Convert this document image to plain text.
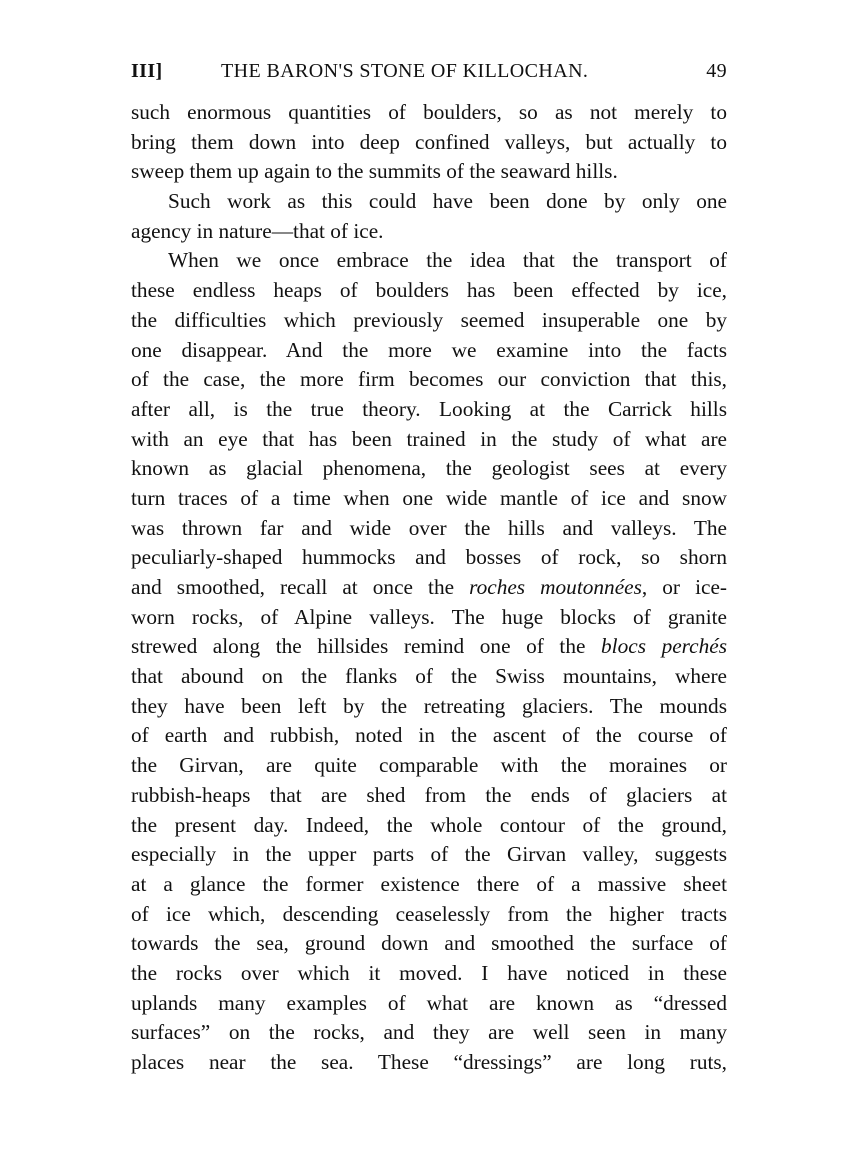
III]	THE BARON'S STONE OF KILLOCHAN.	49
such enormous quantities of boulders, so as not merely to
bring them down into deep confined valleys, but actually to
sweep them up again to the summits of the seaward hills.
Such work as this could have been done by only one
agency in nature—that of ice.
When we once embrace the idea that the transport of
these endless heaps of boulders has been effected by ice,
the difficulties which previously seemed insuperable one by
one disappear. And the more we examine into the facts
of the case, the more firm becomes our conviction that this,
after all, is the true theory. Looking at the Carrick hills
with an eye that has been trained in the study of what are
known as glacial phenomena, the geologist sees at every
turn traces of a time when one wide mantle of ice and snow
was thrown far and wide over the hills and valleys. The
peculiarly-shaped hummocks and bosses of rock, so shorn
and smoothed, recall at once the roches moutonnées, or ice-
worn rocks, of Alpine valleys. The huge blocks of granite
strewed along the hillsides remind one of the blocs perchés
that abound on the flanks of the Swiss mountains, where
they have been left by the retreating glaciers. The mounds
of earth and rubbish, noted in the ascent of the course of
the Girvan, are quite comparable with the moraines or
rubbish-heaps that are shed from the ends of glaciers at
the present day. Indeed, the whole contour of the ground,
especially in the upper parts of the Girvan valley, suggests
at a glance the former existence there of a massive sheet
of ice which, descending ceaselessly from the higher tracts
towards the sea, ground down and smoothed the surface of
the rocks over which it moved. I have noticed in these
uplands many examples of what are known as “dressed
surfaces” on the rocks, and they are well seen in many
places near the sea. These “dressings” are long ruts,
